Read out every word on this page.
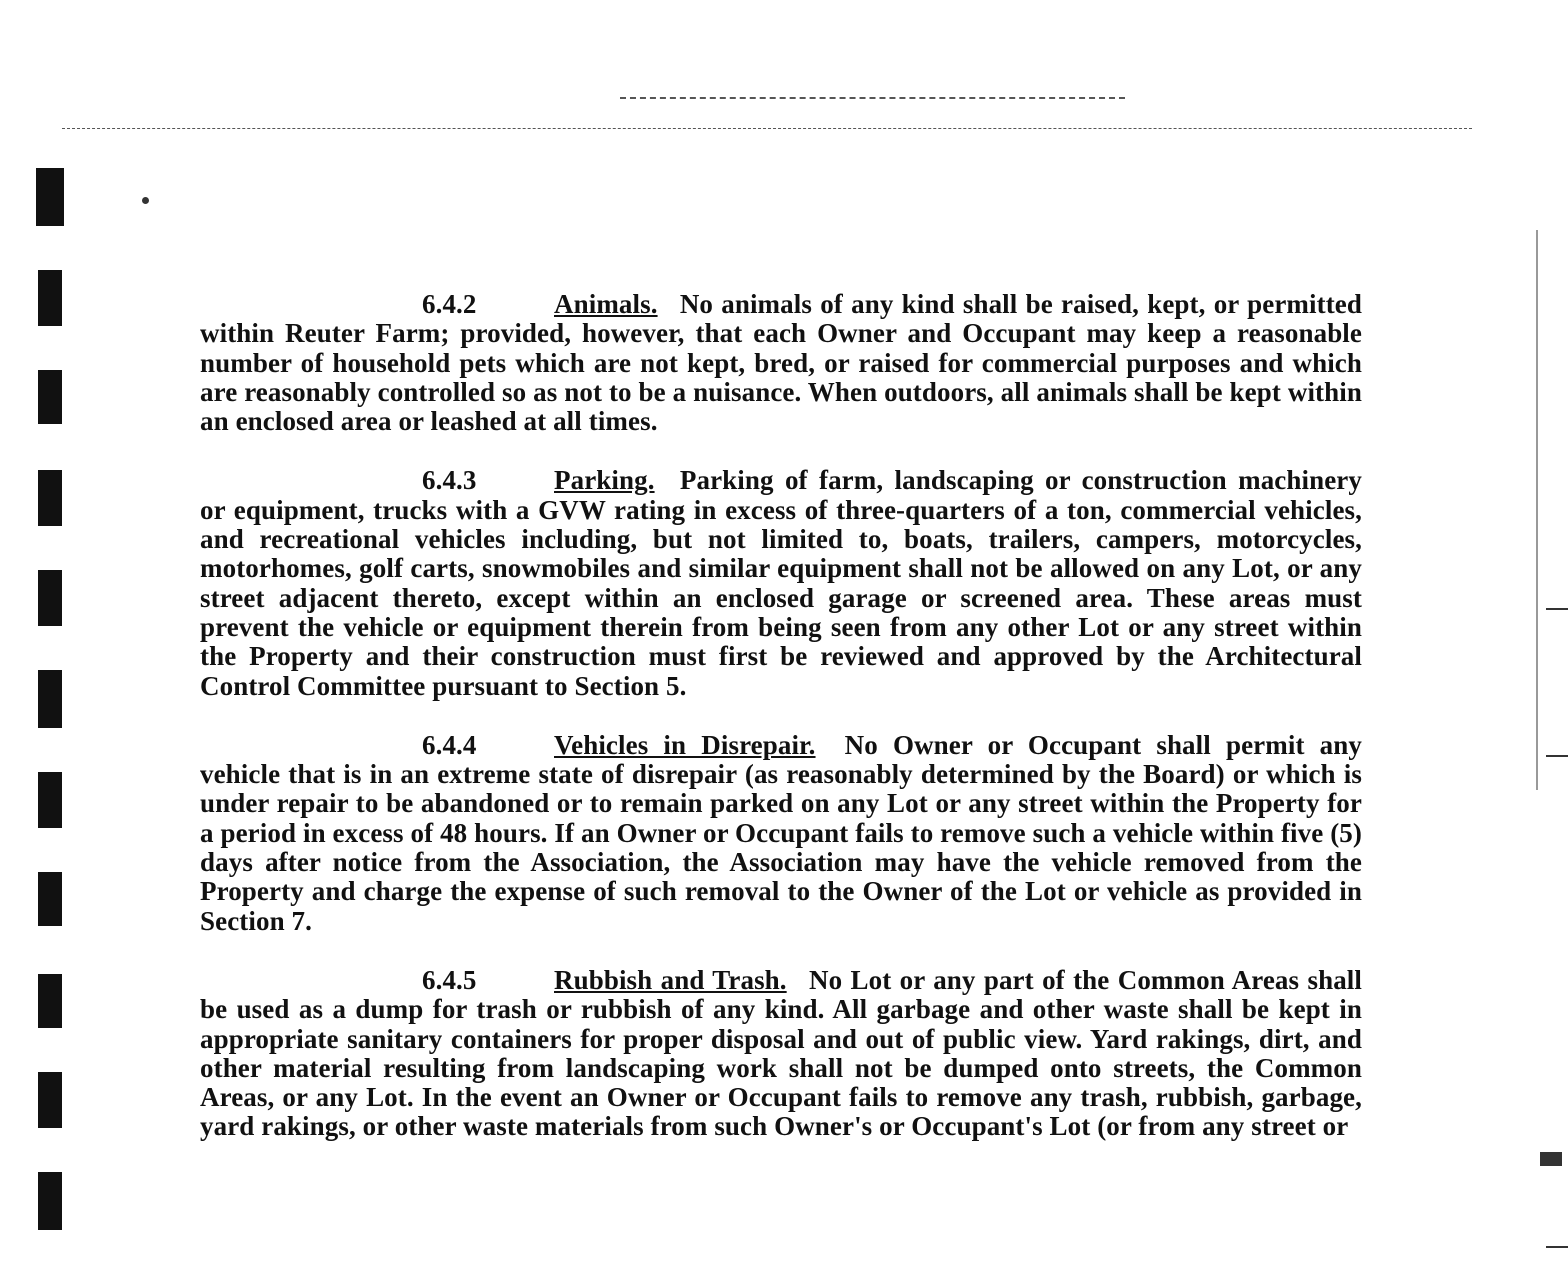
6.4.2	Animals. No animals of any kind shall be raised, kept, or permitted within Reuter Farm; provided, however, that each Owner and Occupant may keep a reasonable number of household pets which are not kept, bred, or raised for commercial purposes and which are reasonably controlled so as not to be a nuisance. When outdoors, all animals shall be kept within an enclosed area or leashed at all times.

6.4.3	Parking. Parking of farm, landscaping or construction machinery or equipment, trucks with a GVW rating in excess of three-quarters of a ton, commercial vehicles, and recreational vehicles including, but not limited to, boats, trailers, campers, motorcycles, motorhomes, golf carts, snowmobiles and similar equipment shall not be allowed on any Lot, or any street adjacent thereto, except within an enclosed garage or screened area. These areas must prevent the vehicle or equipment therein from being seen from any other Lot or any street within the Property and their construction must first be reviewed and approved by the Architectural Control Committee pursuant to Section 5.

6.4.4	Vehicles in Disrepair. No Owner or Occupant shall permit any vehicle that is in an extreme state of disrepair (as reasonably determined by the Board) or which is under repair to be abandoned or to remain parked on any Lot or any street within the Property for a period in excess of 48 hours. If an Owner or Occupant fails to remove such a vehicle within five (5) days after notice from the Association, the Association may have the vehicle removed from the Property and charge the expense of such removal to the Owner of the Lot or vehicle as provided in Section 7.

6.4.5	Rubbish and Trash. No Lot or any part of the Common Areas shall be used as a dump for trash or rubbish of any kind. All garbage and other waste shall be kept in appropriate sanitary containers for proper disposal and out of public view. Yard rakings, dirt, and other material resulting from landscaping work shall not be dumped onto streets, the Common Areas, or any Lot. In the event an Owner or Occupant fails to remove any trash, rubbish, garbage, yard rakings, or other waste materials from such Owner's or Occupant's Lot (or from any street or
